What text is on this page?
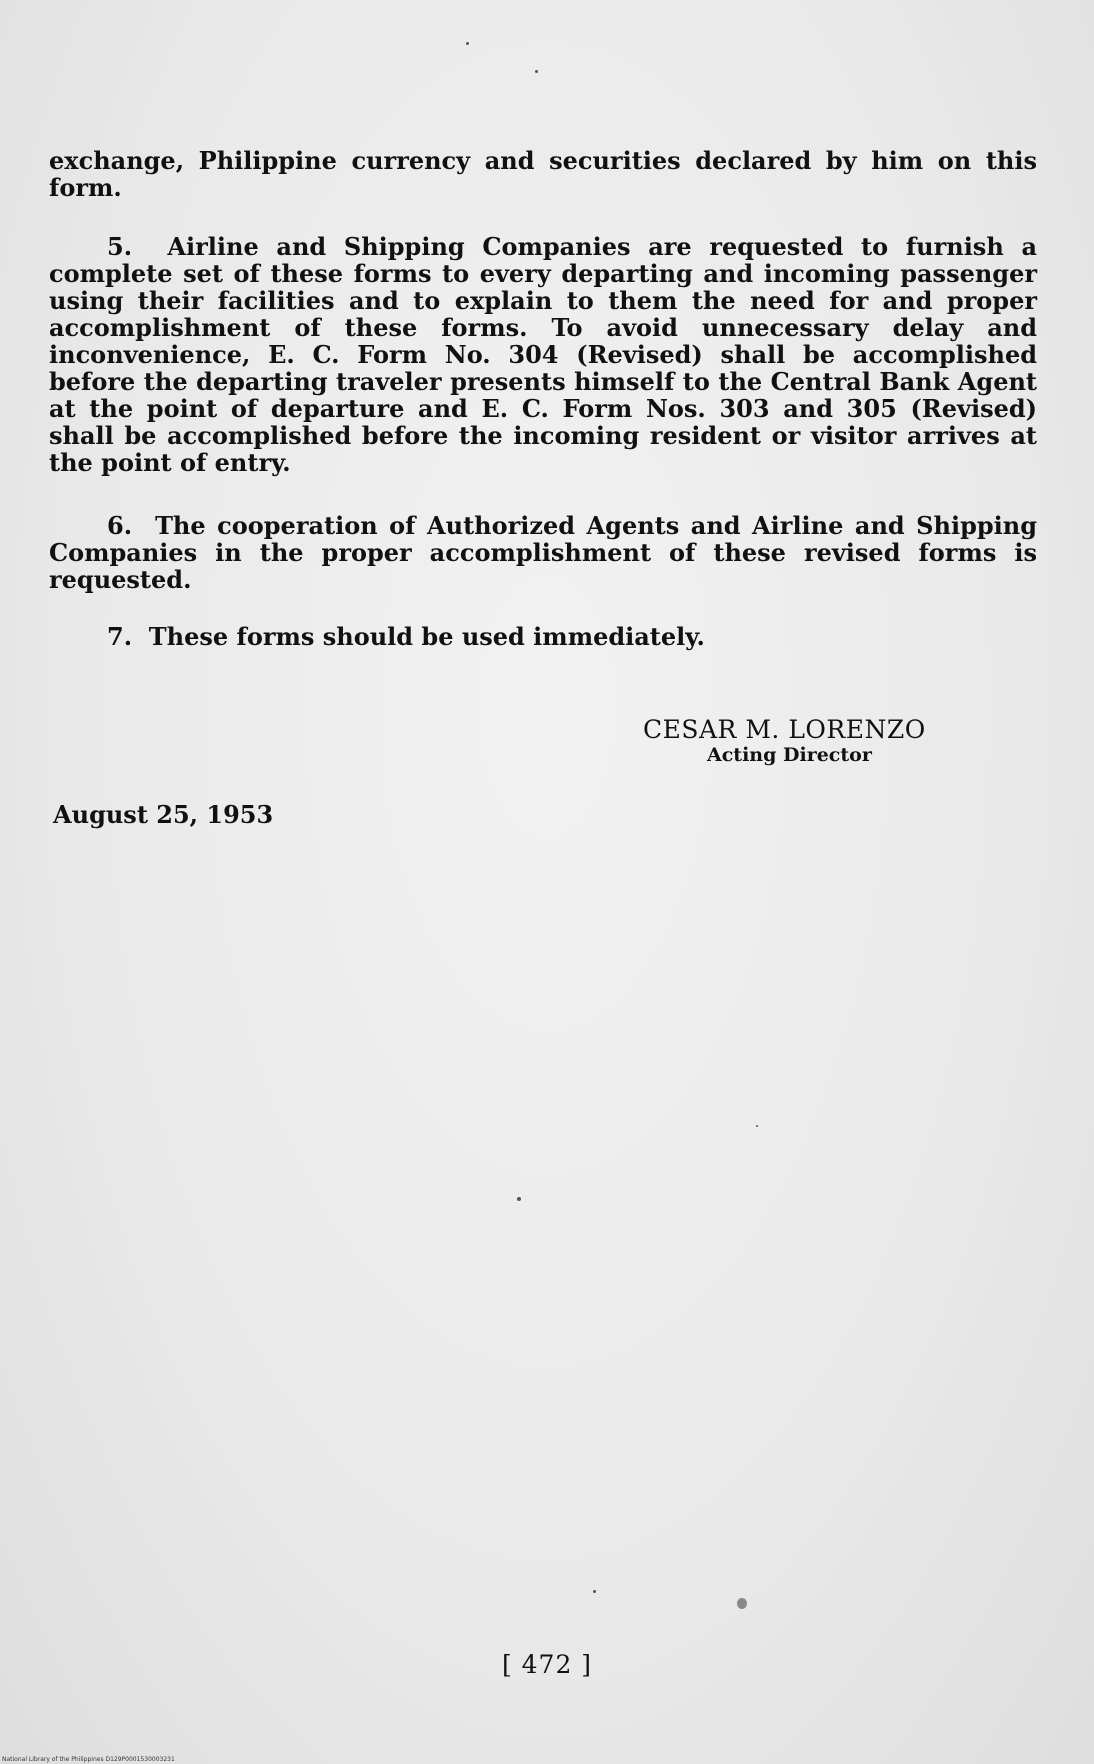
exchange, Philippine currency and securities declared by him on this form.
5. Airline and Shipping Companies are requested to furnish a complete set of these forms to every departing and incoming passenger using their facilities and to explain to them the need for and proper accomplishment of these forms. To avoid unnecessary delay and inconvenience, E. C. Form No. 304 (Revised) shall be accomplished before the departing traveler presents himself to the Central Bank Agent at the point of departure and E. C. Form Nos. 303 and 305 (Revised) shall be accomplished before the incoming resident or visitor arrives at the point of entry.
6. The cooperation of Authorized Agents and Airline and Shipping Companies in the proper accomplishment of these revised forms is requested.
7. These forms should be used immediately.
CESAR M. LORENZO
Acting Director
August 25, 1953
[ 472 ]
National Library of the Philippines D129P0001530003231
